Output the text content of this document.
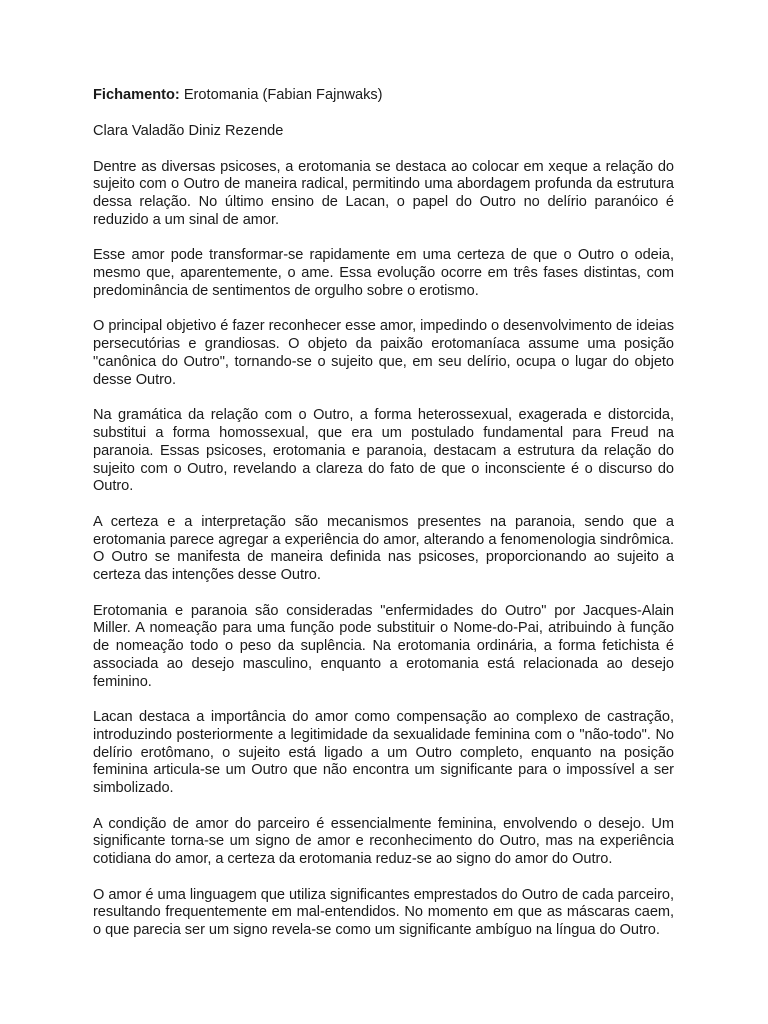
Fichamento: Erotomania (Fabian Fajnwaks)
Clara Valadão Diniz Rezende

Dentre as diversas psicoses, a erotomania se destaca ao colocar em xeque a relação do sujeito com o Outro de maneira radical, permitindo uma abordagem profunda da estrutura dessa relação. No último ensino de Lacan, o papel do Outro no delírio paranóico é reduzido a um sinal de amor.

Esse amor pode transformar-se rapidamente em uma certeza de que o Outro o odeia, mesmo que, aparentemente, o ame. Essa evolução ocorre em três fases distintas, com predominância de sentimentos de orgulho sobre o erotismo.

O principal objetivo é fazer reconhecer esse amor, impedindo o desenvolvimento de ideias persecutórias e grandiosas. O objeto da paixão erotomaníaca assume uma posição "canônica do Outro", tornando-se o sujeito que, em seu delírio, ocupa o lugar do objeto desse Outro.

Na gramática da relação com o Outro, a forma heterossexual, exagerada e distorcida, substitui a forma homossexual, que era um postulado fundamental para Freud na paranoia. Essas psicoses, erotomania e paranoia, destacam a estrutura da relação do sujeito com o Outro, revelando a clareza do fato de que o inconsciente é o discurso do Outro.

A certeza e a interpretação são mecanismos presentes na paranoia, sendo que a erotomania parece agregar a experiência do amor, alterando a fenomenologia sindrômica. O Outro se manifesta de maneira definida nas psicoses, proporcionando ao sujeito a certeza das intenções desse Outro.

Erotomania e paranoia são consideradas "enfermidades do Outro" por Jacques-Alain Miller. A nomeação para uma função pode substituir o Nome-do-Pai, atribuindo à função de nomeação todo o peso da suplência. Na erotomania ordinária, a forma fetichista é associada ao desejo masculino, enquanto a erotomania está relacionada ao desejo feminino.

Lacan destaca a importância do amor como compensação ao complexo de castração, introduzindo posteriormente a legitimidade da sexualidade feminina com o "não-todo". No delírio erotômano, o sujeito está ligado a um Outro completo, enquanto na posição feminina articula-se um Outro que não encontra um significante para o impossível a ser simbolizado.

A condição de amor do parceiro é essencialmente feminina, envolvendo o desejo. Um significante torna-se um signo de amor e reconhecimento do Outro, mas na experiência cotidiana do amor, a certeza da erotomania reduz-se ao signo do amor do Outro.

O amor é uma linguagem que utiliza significantes emprestados do Outro de cada parceiro, resultando frequentemente em mal-entendidos. No momento em que as máscaras caem, o que parecia ser um signo revela-se como um significante ambíguo na língua do Outro.
